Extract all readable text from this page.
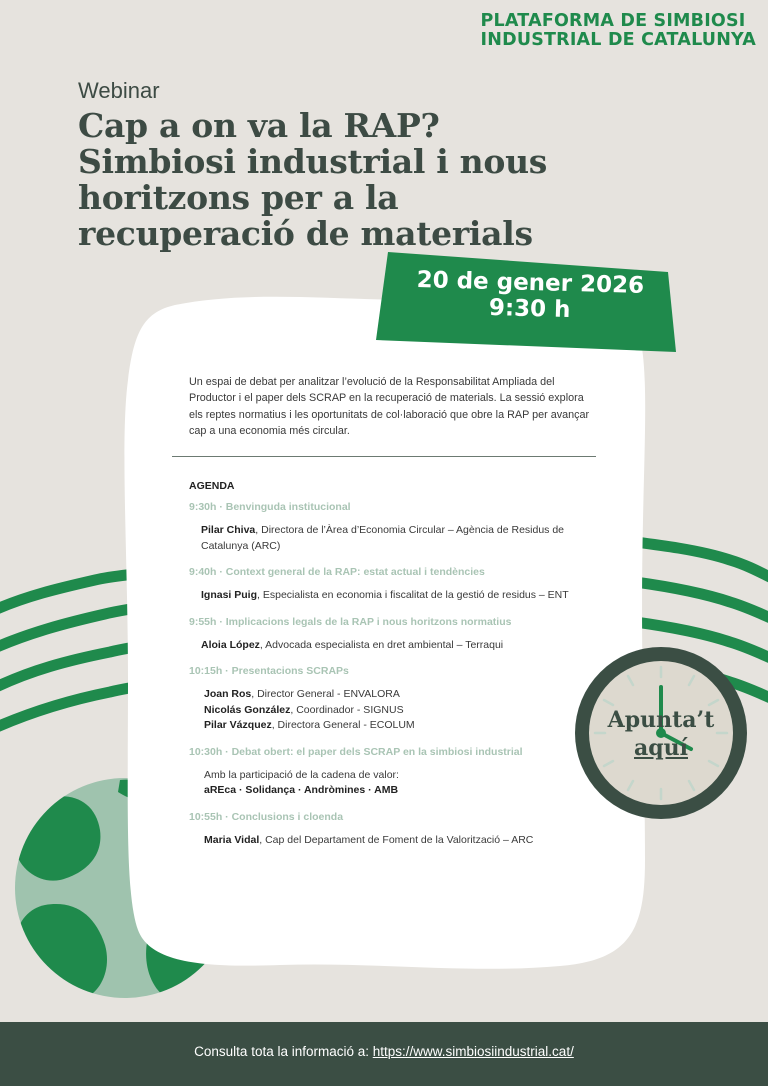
PLATAFORMA DE SIMBIOSI
INDUSTRIAL DE CATALUNYA
Webinar
Cap a on va la RAP?
Simbiosi industrial i nous
horitzons per a la
recuperació de materials
20 de gener 2026
9:30 h
Un espai de debat per analitzar l’evolució de la Responsabilitat Ampliada del Productor i el paper dels SCRAP en la recuperació de materials. La sessió explora els reptes normatius i les oportunitats de col·laboració que obre la RAP per avançar cap a una economia més circular.
AGENDA
9:30h · Benvinguda institucional
Pilar Chiva, Directora de l’Àrea d’Economia Circular – Agència de Residus de Catalunya (ARC)
9:40h · Context general de la RAP: estat actual i tendències
Ignasi Puig, Especialista en economia i fiscalitat de la gestió de residus – ENT
9:55h · Implicacions legals de la RAP i nous horitzons normatius
Aloia López, Advocada especialista en dret ambiental – Terraqui
10:15h · Presentacions SCRAPs
Joan Ros, Director General - ENVALORA
Nicolás González, Coordinador - SIGNUS
Pilar Vázquez, Directora General - ECOLUM
10:30h · Debat obert: el paper dels SCRAP en la simbiosi industrial
Amb la participació de la cadena de valor:
aREca · Solidança · Andròmines · AMB
10:55h · Conclusions i cloenda
Maria Vidal, Cap del Departament de Foment de la Valorització – ARC
Apunta’t
aquí
Consulta tota la informació a: https://www.simbiosiindustrial.cat/
